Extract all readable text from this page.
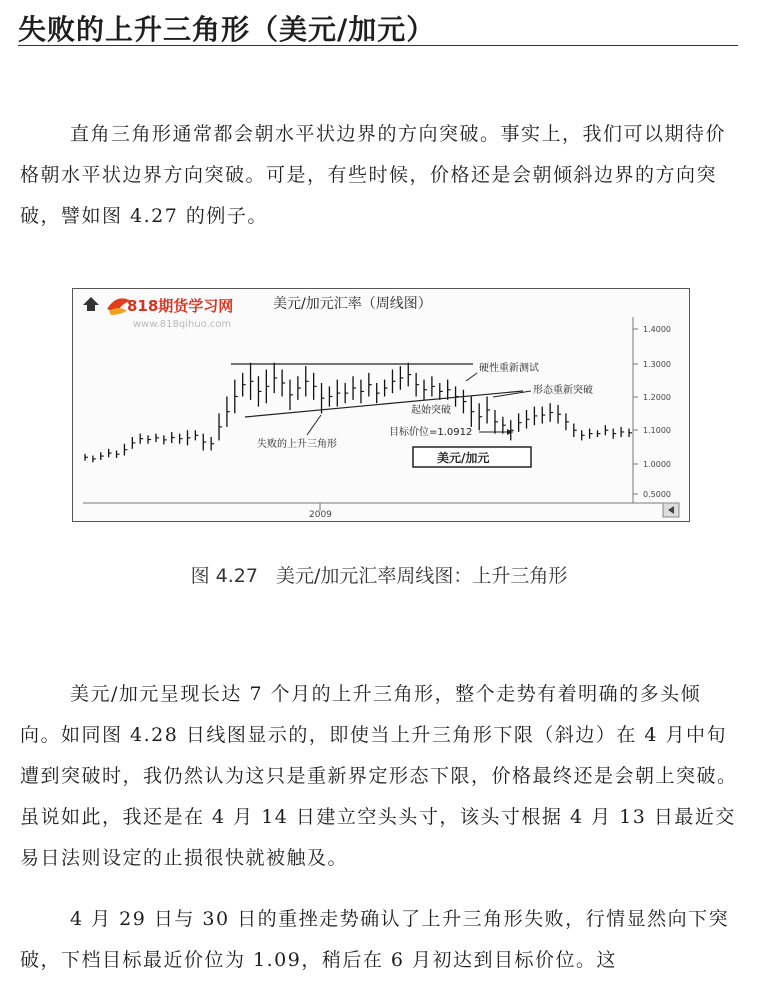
失败的上升三角形（美元/加元）

直角三角形通常都会朝水平状边界的方向突破。事实上，我们可以期待价格朝水平状边界方向突破。可是，有些时候，价格还是会朝倾斜边界的方向突破，譬如图 4.27 的例子。

818期货学习网
www.818qihuo.com
美元/加元汇率（周线图）
1.4000
1.3000
1.2000
1.1000
1.0000
0.5000
2009
硬性重新测试
形态重新突破
起始突破
目标价位=1.0912
失败的上升三角形
美元/加元
图 4.27 美元/加元汇率周线图：上升三角形

美元/加元呈现长达 7 个月的上升三角形，整个走势有着明确的多头倾向。如同图 4.28 日线图显示的，即使当上升三角形下限（斜边）在 4 月中旬遭到突破时，我仍然认为这只是重新界定形态下限，价格最终还是会朝上突破。虽说如此，我还是在 4 月 14 日建立空头头寸，该头寸根据 4 月 13 日最近交易日法则设定的止损很快就被触及。

4 月 29 日与 30 日的重挫走势确认了上升三角形失败，行情显然向下突破，下档目标最近价位为 1.09，稍后在 6 月初达到目标价位。这
